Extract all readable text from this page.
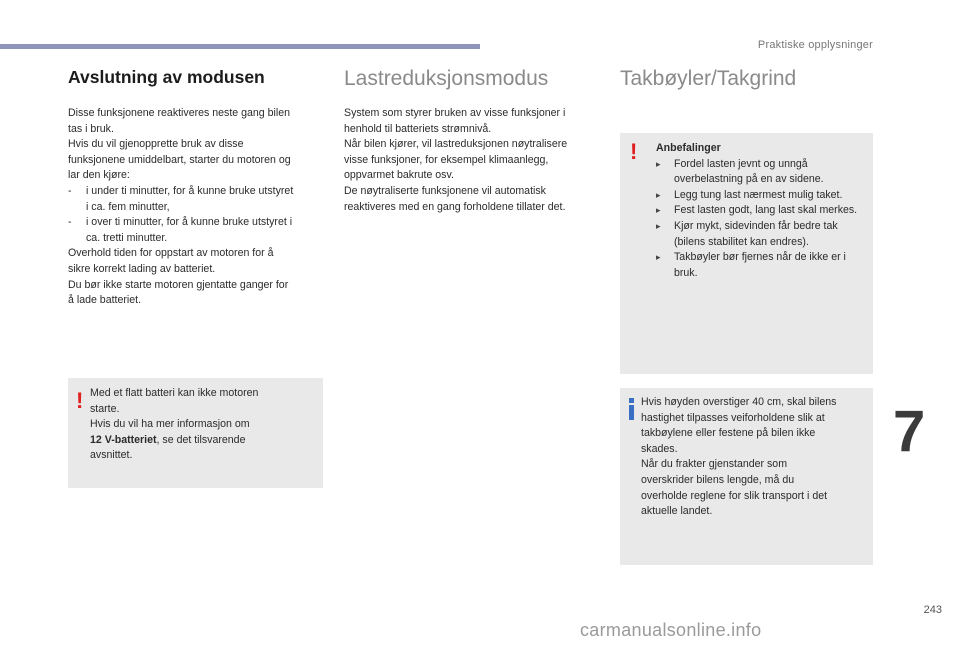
Praktiske opplysninger
Avslutning av modusen

Disse funksjonene reaktiveres neste gang bilen

tas i bruk.

Hvis du vil gjenopprette bruk av disse

funksjonene umiddelbart, starter du motoren og

lar den kjøre:

- i under ti minutter, for å kunne bruke utstyret

i ca. fem minutter,

- i over ti minutter, for å kunne bruke utstyret i

ca. tretti minutter.

Overhold tiden for oppstart av motoren for å

sikre korrekt lading av batteriet.

Du bør ikke starte motoren gjentatte ganger for

å lade batteriet.

! Med et flatt batteri kan ikke motoren

starte.

Hvis du vil ha mer informasjon om

12 V-batteriet, se det tilsvarende

avsnittet.

Lastreduksjonsmodus

System som styrer bruken av visse funksjoner i

henhold til batteriets strømnivå.

Når bilen kjører, vil lastreduksjonen nøytralisere

visse funksjoner, for eksempel klimaanlegg,

oppvarmet bakrute osv.

De nøytraliserte funksjonene vil automatisk

reaktiveres med en gang forholdene tillater det.

Takbøyler/Takgrind
! Anbefalinger

▸ Fordel lasten jevnt og unngå

overbelastning på en av sidene.

▸ Legg tung last nærmest mulig taket.

▸ Fest lasten godt, lang last skal merkes.

▸ Kjør mykt, sidevinden får bedre tak

(bilens stabilitet kan endres).

▸ Takbøyler bør fjernes når de ikke er i

bruk.

Hvis høyden overstiger 40 cm, skal bilens

hastighet tilpasses veiforholdene slik at

takbøylene eller festene på bilen ikke

skades.

Når du frakter gjenstander som

overskrider bilens lengde, må du

overholde reglene for slik transport i det

aktuelle landet.

7
243
carmanualsonline.info
